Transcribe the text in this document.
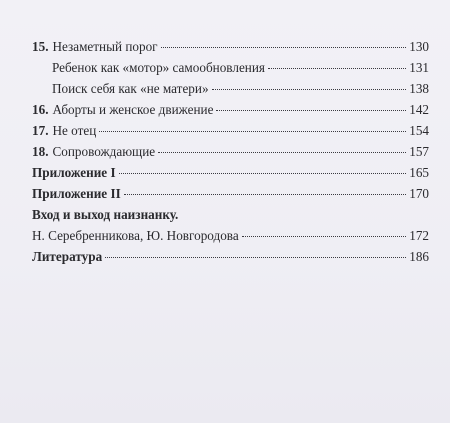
15. Незаметный порог	130
Ребенок как «мотор» самообновления	131
Поиск себя как «не матери»	138
16. Аборты и женское движение	142
17. Не отец	154
18. Сопровождающие	157
Приложение I	165
Приложение II	170
Вход и выход наизнанку.
Н. Серебренникова, Ю. Новгородова	172
Литература	186
